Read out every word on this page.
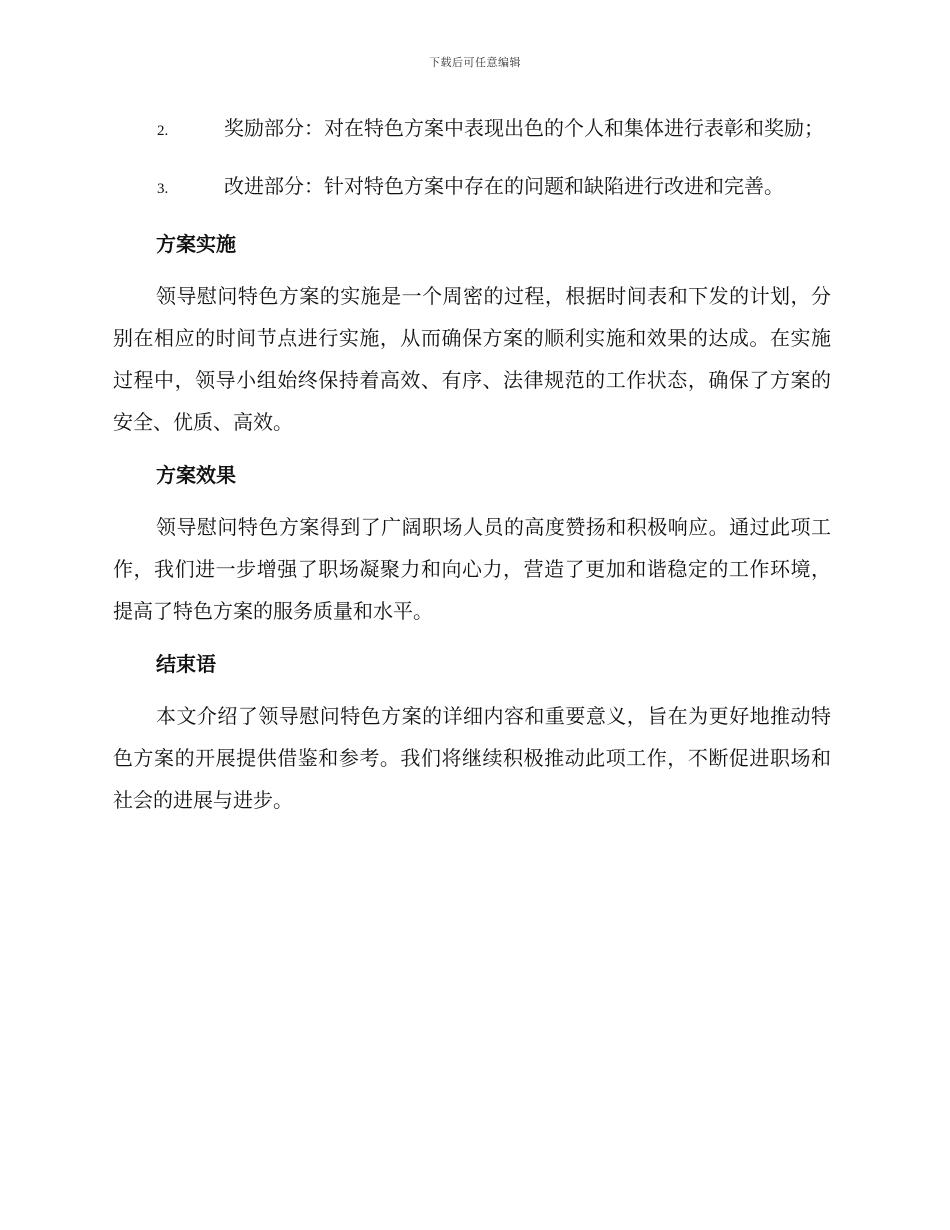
下载后可任意编辑
2.	奖励部分：对在特色方案中表现出色的个人和集体进行表彰和奖励；
3.	改进部分：针对特色方案中存在的问题和缺陷进行改进和完善。
方案实施
领导慰问特色方案的实施是一个周密的过程，根据时间表和下发的计划，分别在相应的时间节点进行实施，从而确保方案的顺利实施和效果的达成。在实施过程中，领导小组始终保持着高效、有序、法律规范的工作状态，确保了方案的安全、优质、高效。
方案效果
领导慰问特色方案得到了广阔职场人员的高度赞扬和积极响应。通过此项工作，我们进一步增强了职场凝聚力和向心力，营造了更加和谐稳定的工作环境，提高了特色方案的服务质量和水平。
结束语
本文介绍了领导慰问特色方案的详细内容和重要意义，旨在为更好地推动特色方案的开展提供借鉴和参考。我们将继续积极推动此项工作，不断促进职场和社会的进展与进步。
